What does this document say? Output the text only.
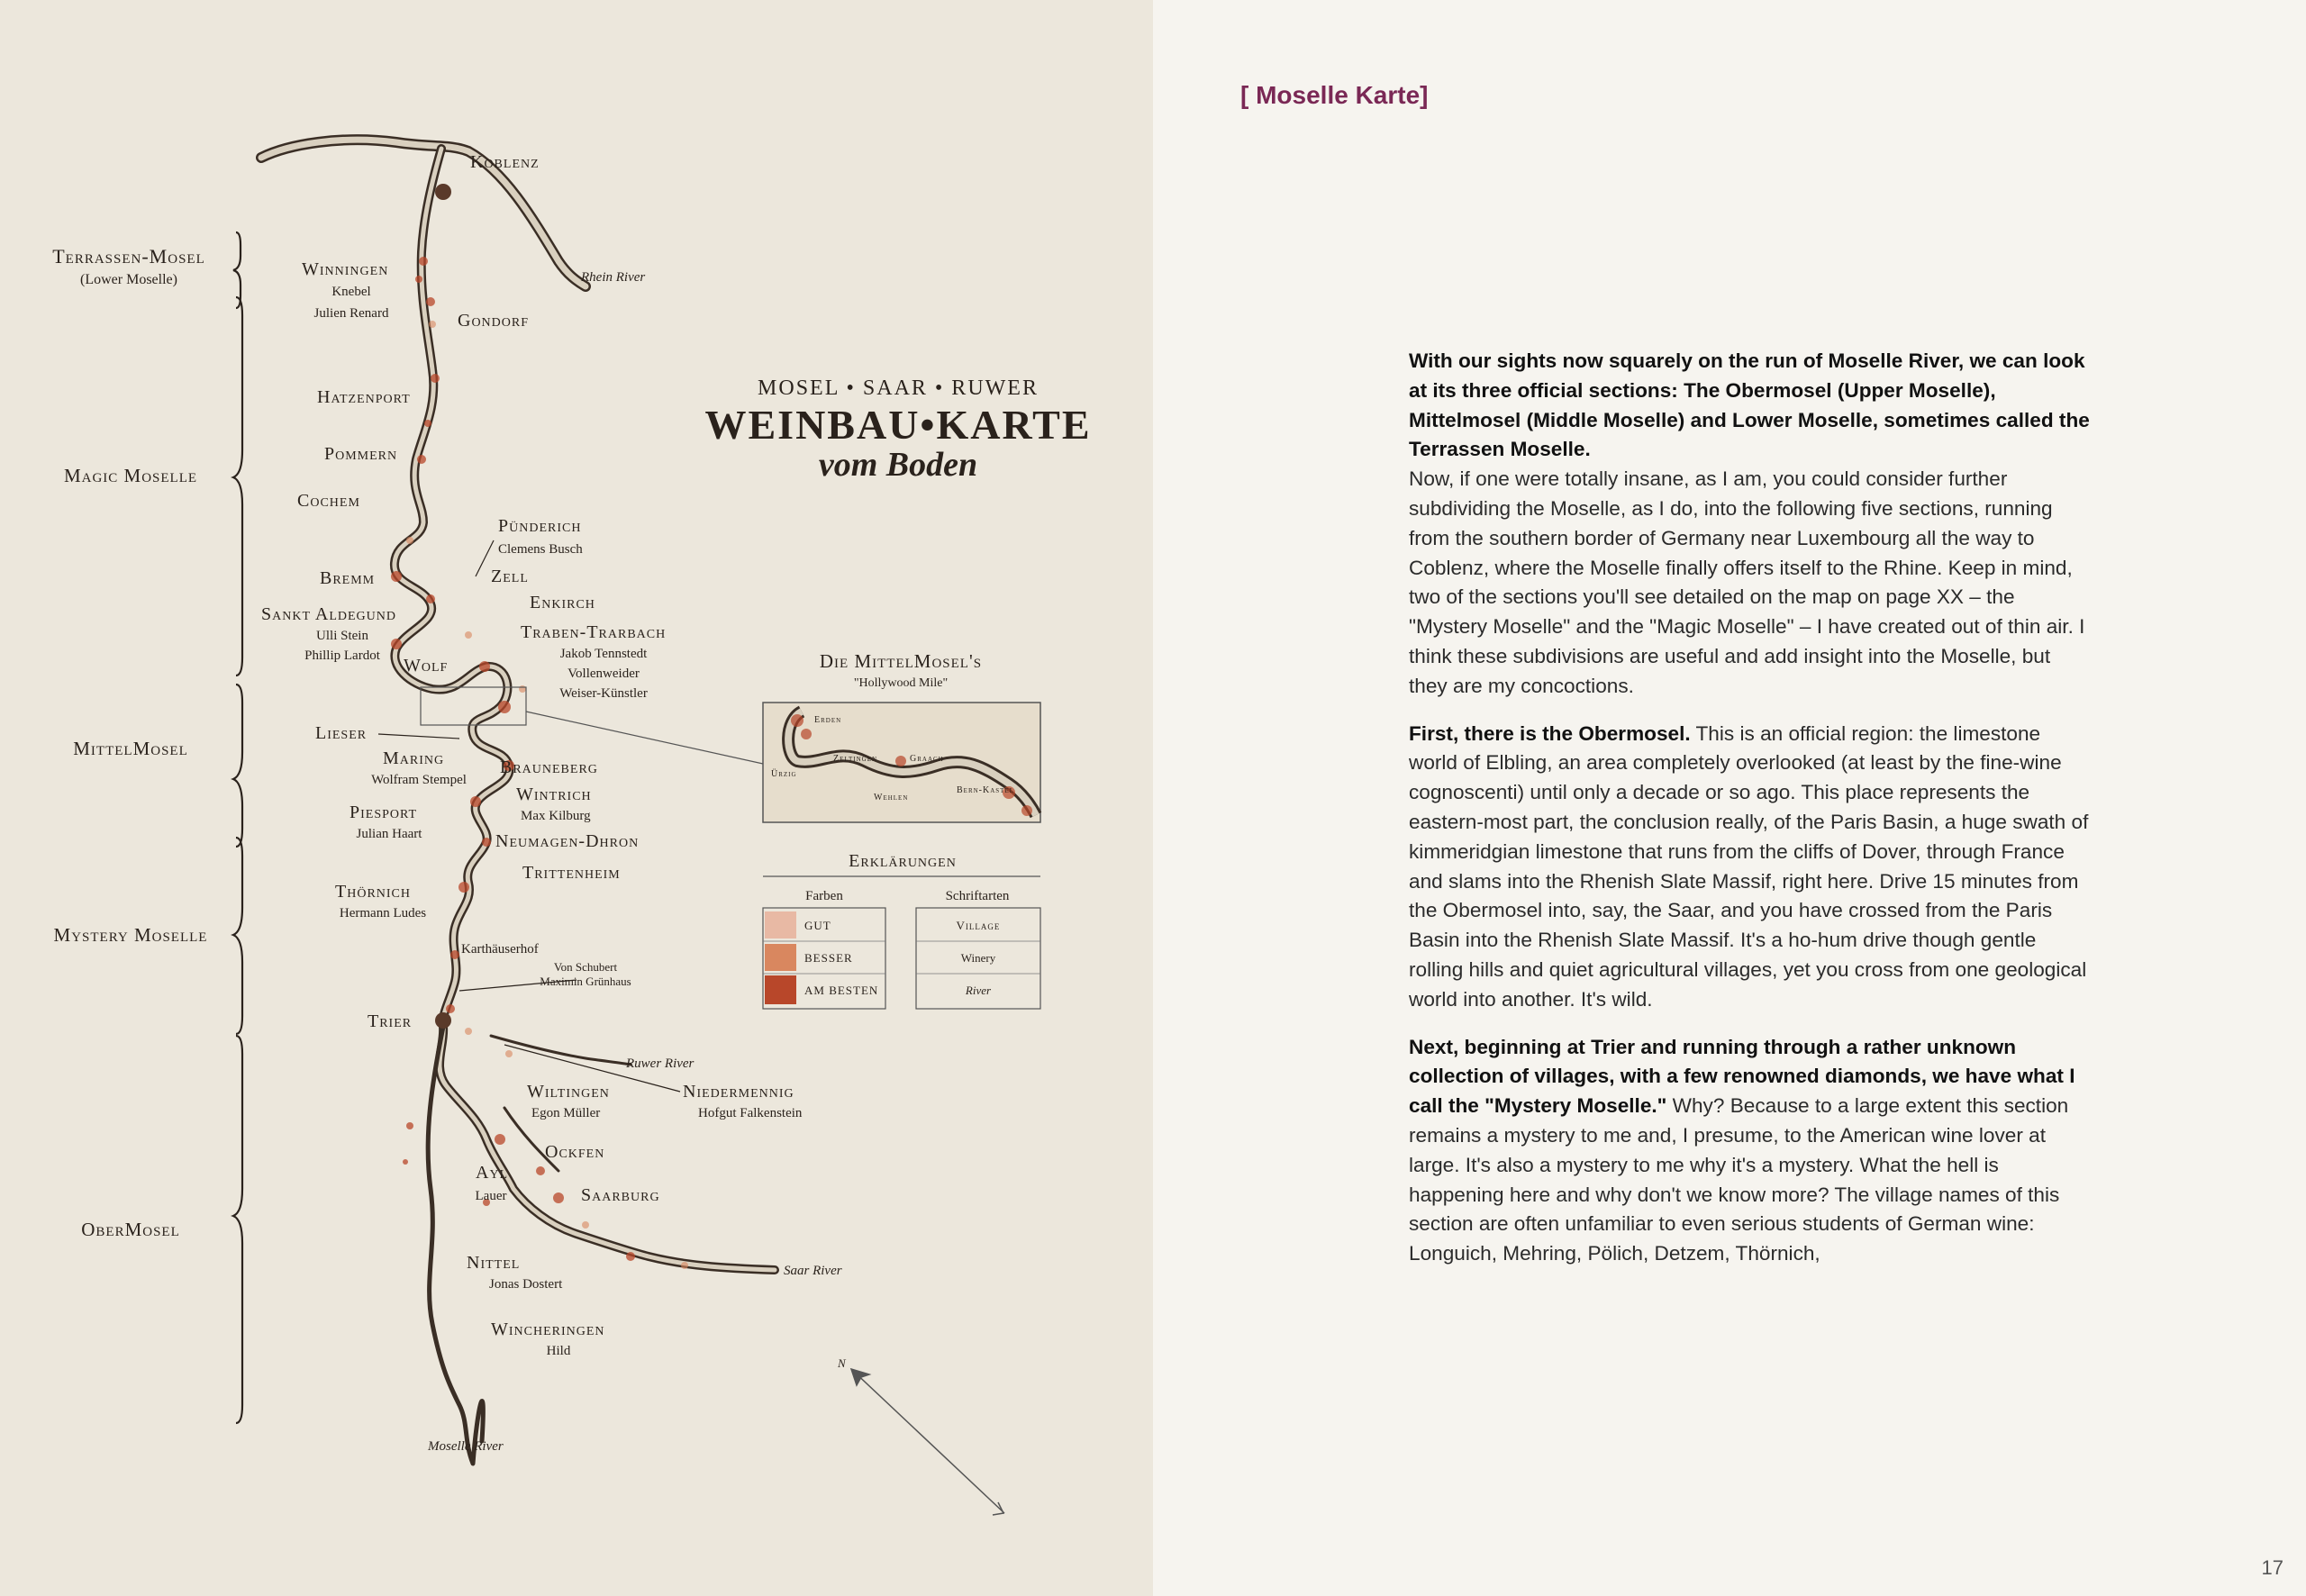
Terrassen-Mosel
(Lower Moselle)
Magic Moselle
MittelMosel
Mystery Moselle
OberMosel
Rhein River
Ruwer River
Saar River
Moselle River
Koblenz
Winningen
Knebel
Julien Renard	Gondorf
Hatzenport
Pommern
Cochem
Pünderich
Clemens Busch
Bremm	Zell
Sankt Aldegund
Ulli Stein
Phillip Lardot
Enkirch
Traben-Trarbach
Jakob Tennstedt
Vollenweider
Weiser-Künstler
Wolf
Lieser
Maring
Wolfram Stempel
Brauneberg
Piesport
Julian Haart
Wintrich
Max Kilburg
Neumagen-Dhron
Trittenheim
Thörnich
Hermann Ludes
Karthäuserhof
Von Schubert
Maximin Grünhaus
Trier
Wiltingen
Egon Müller
Niedermennig
Hofgut Falkenstein
Ockfen
Ayl
Lauer	Saarburg
Nittel
Jonas Dostert
Wincheringen
Hild
MOSEL • SAAR • RUWER
WEINBAU•KARTE
vom Boden
Die MittelMosel's
"Hollywood Mile"
Erden
Ürzig
Zeltingen	Graach
Wehlen
Bern-Kastel
Erklärungen
Farben	Schriftarten
GUT
BESSER
AM BESTEN
Village
Winery
River
N
[ Moselle Karte]

With our sights now squarely on the run of Moselle River, we can look at its three official sections: The Obermosel (Upper Moselle), Mittelmosel (Middle Moselle) and Lower Moselle, sometimes called the Terrassen Moselle.
Now, if one were totally insane, as I am, you could consider further subdividing the Moselle, as I do, into the following five sections, running from the southern border of Germany near Luxembourg all the way to Coblenz, where the Moselle finally offers itself to the Rhine. Keep in mind, two of the sections you'll see detailed on the map on page XX – the "Mystery Moselle" and the "Magic Moselle" – I have created out of thin air. I think these subdivisions are useful and add insight into the Moselle, but they are my concoctions.

First, there is the Obermosel. This is an official region: the limestone world of Elbling, an area completely overlooked (at least by the fine-wine cognoscenti) until only a decade or so ago. This place represents the eastern-most part, the conclusion really, of the Paris Basin, a huge swath of kimmeridgian limestone that runs from the cliffs of Dover, through France and slams into the Rhenish Slate Massif, right here. Drive 15 minutes from the Obermosel into, say, the Saar, and you have crossed from the Paris Basin into the Rhenish Slate Massif. It's a ho-hum drive though gentle rolling hills and quiet agricultural villages, yet you cross from one geological world into another. It's wild.

Next, beginning at Trier and running through a rather unknown collection of villages, with a few renowned diamonds, we have what I call the "Mystery Moselle." Why? Because to a large extent this section remains a mystery to me and, I presume, to the American wine lover at large. It's also a mystery to me why it's a mystery. What the hell is happening here and why don't we know more? The village names of this section are often unfamiliar to even serious students of German wine: Longuich, Mehring, Pölich, Detzem, Thörnich,

17
